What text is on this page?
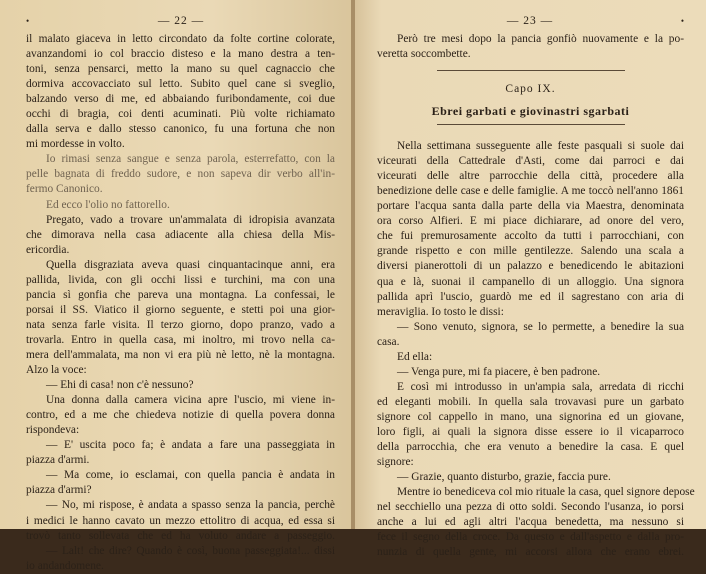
•	— 22 —

il malato giaceva in letto circondato da folte cortine colorate,
avanzandomi io col braccio disteso e la mano destra a ten-
toni, senza pensarci, metto la mano su quel cagnaccio che
dormiva accovacciato sul letto. Subito quel cane si sveglio,
balzando verso di me, ed abbaiando furibondamente, coi due
occhi di bragia, coi denti acuminati. Più volte richiamato
dalla serva e dallo stesso canonico, fu una fortuna che non
mi mordesse in volto.
Io rimasi senza sangue e senza parola, esterrefatto, con la
pelle bagnata di freddo sudore, e non sapeva dir verbo all'in-
fermo Canonico.
Ed ecco l'olio no fattorello.
Pregato, vado a trovare un'ammalata di idropisia avanzata
che dimorava nella casa adiacente alla chiesa della Mis-
ericordia.
Quella disgraziata aveva quasi cinquantacinque anni, era
pallida, livida, con gli occhi lissi e turchini, ma con una
pancia sì gonfia che pareva una montagna. La confessai, le
porsai il SS. Viatico il giorno seguente, e stetti poi una gior-
nata senza farle visita. Il terzo giorno, dopo pranzo, vado a
trovarla. Entro in quella casa, mi inoltro, mi trovo nella ca-
mera dell'ammalata, ma non vi era più nè letto, nè la montagna.
Alzo la voce:
— Ehi di casa! non c'è nessuno?
Una donna dalla camera vicina apre l'uscio, mi viene in-
contro, ed a me che chiedeva notizie di quella povera donna
rispondeva:
— E' uscita poco fa; è andata a fare una passeggiata in
piazza d'armi.
— Ma come, io esclamai, con quella pancia è andata in
piazza d'armi?
— No, mi rispose, è andata a spasso senza la pancia, perchè
i medici le hanno cavato un mezzo ettolitro di acqua, ed essa si
trovò tanto sollevata che ed ha voluto andare a passeggio.
— Lalt! che dire? Quando è così, buona passeggiata!... dissi
io andandomene.

— 23 —	•
Però tre mesi dopo la pancia gonfiò nuovamente e la po-
veretta soccombette.
Capo IX.
Ebrei garbati e giovinastri sgarbati
Nella settimana susseguente alle feste pasquali si suole dai
viceurati della Cattedrale d'Asti, come dai parroci e dai
viceurati delle altre parrocchie della città, procedere alla
benedizione delle case e delle famiglie. A me toccò nell'anno 1861
portare l'acqua santa dalla parte della via Maestra, denominata
ora corso Alfieri. E mi piace dichiarare, ad onore del vero,
che fui premurosamente accolto da tutti i parrocchiani, con
grande rispetto e con mille gentilezze. Salendo una scala a
diversi pianerottoli di un palazzo e benedicendo le abitazioni
qua e là, suonai il campanello di un alloggio. Una signora
pallida aprì l'uscio, guardò me ed il sagrestano con aria di
meraviglia. Io tosto le dissi:
— Sono venuto, signora, se lo permette, a benedire la sua
casa.
Ed ella:
— Venga pure, mi fa piacere, è ben padrone.
E così mi introdusso in un'ampia sala, arredata di ricchi
ed eleganti mobili. In quella sala trovavasi pure un garbato
signore col cappello in mano, una signorina ed un giovane,
loro figli, ai quali la signora disse essere io il vicaparroco
della parrocchia, che era venuto a benedire la casa. E quel
signore:
— Grazie, quanto disturbo, grazie, faccia pure.
Mentre io benediceva col mio rituale la casa, quel signore depose
nel secchiello una pezza di otto soldi. Secondo l'usanza, io porsi
anche a lui ed agli altri l'acqua benedetta, ma nessuno si
fece il segno della croce. Da questo e dall'aspetto e dalla pro-
nunzia di quella gente, mi accorsi allora che erano ebrei.
